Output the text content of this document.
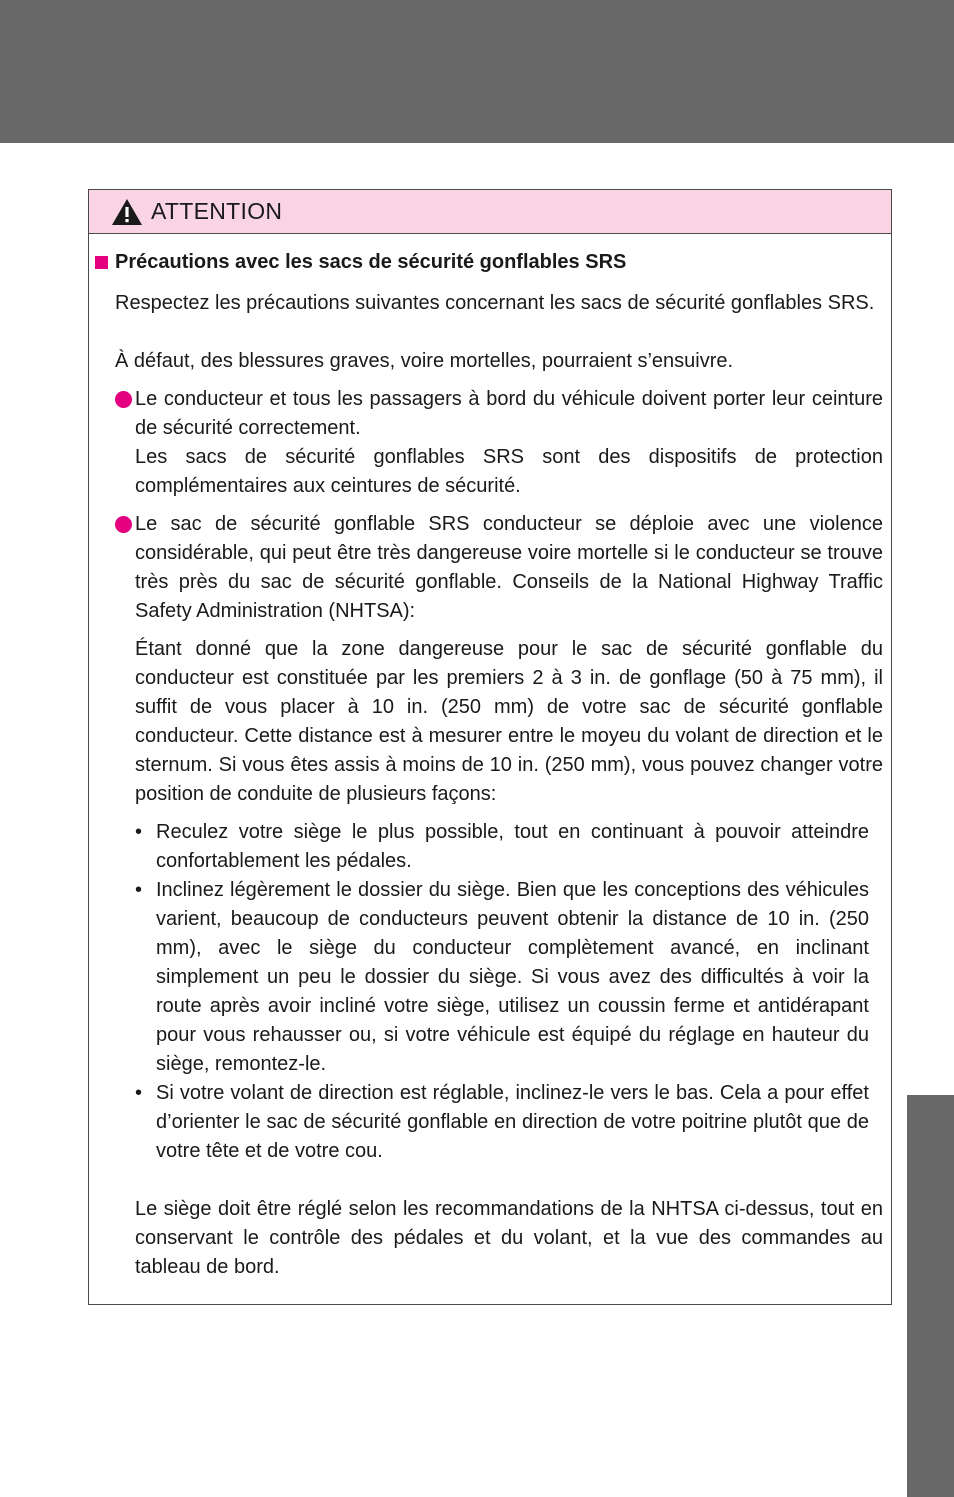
ATTENTION
Précautions avec les sacs de sécurité gonflables SRS

Respectez les précautions suivantes concernant les sacs de sécurité gonflables SRS.

À défaut, des blessures graves, voire mortelles, pourraient s’ensuivre.

Le conducteur et tous les passagers à bord du véhicule doivent porter leur ceinture de sécurité correctement.

Les sacs de sécurité gonflables SRS sont des dispositifs de protection complémentaires aux ceintures de sécurité.

Le sac de sécurité gonflable SRS conducteur se déploie avec une violence considérable, qui peut être très dangereuse voire mortelle si le conducteur se trouve très près du sac de sécurité gonflable. Conseils de la National Highway Traffic Safety Administration (NHTSA):

Étant donné que la zone dangereuse pour le sac de sécurité gonflable du conducteur est constituée par les premiers 2 à 3 in. de gonflage (50 à 75 mm), il suffit de vous placer à 10 in. (250 mm) de votre sac de sécurité gonflable conducteur. Cette distance est à mesurer entre le moyeu du volant de direction et le sternum. Si vous êtes assis à moins de 10 in. (250 mm), vous pouvez changer votre position de conduite de plusieurs façons:

• Reculez votre siège le plus possible, tout en continuant à pouvoir atteindre confortablement les pédales.

• Inclinez légèrement le dossier du siège. Bien que les conceptions des véhicules varient, beaucoup de conducteurs peuvent obtenir la distance de 10 in. (250 mm), avec le siège du conducteur complètement avancé, en inclinant simplement un peu le dossier du siège. Si vous avez des difficultés à voir la route après avoir incliné votre siège, utilisez un coussin ferme et antidérapant pour vous rehausser ou, si votre véhicule est équipé du réglage en hauteur du siège, remontez-le.

• Si votre volant de direction est réglable, inclinez-le vers le bas. Cela a pour effet d’orienter le sac de sécurité gonflable en direction de votre poitrine plutôt que de votre tête et de votre cou.

Le siège doit être réglé selon les recommandations de la NHTSA ci-dessus, tout en conservant le contrôle des pédales et du volant, et la vue des commandes au tableau de bord.
